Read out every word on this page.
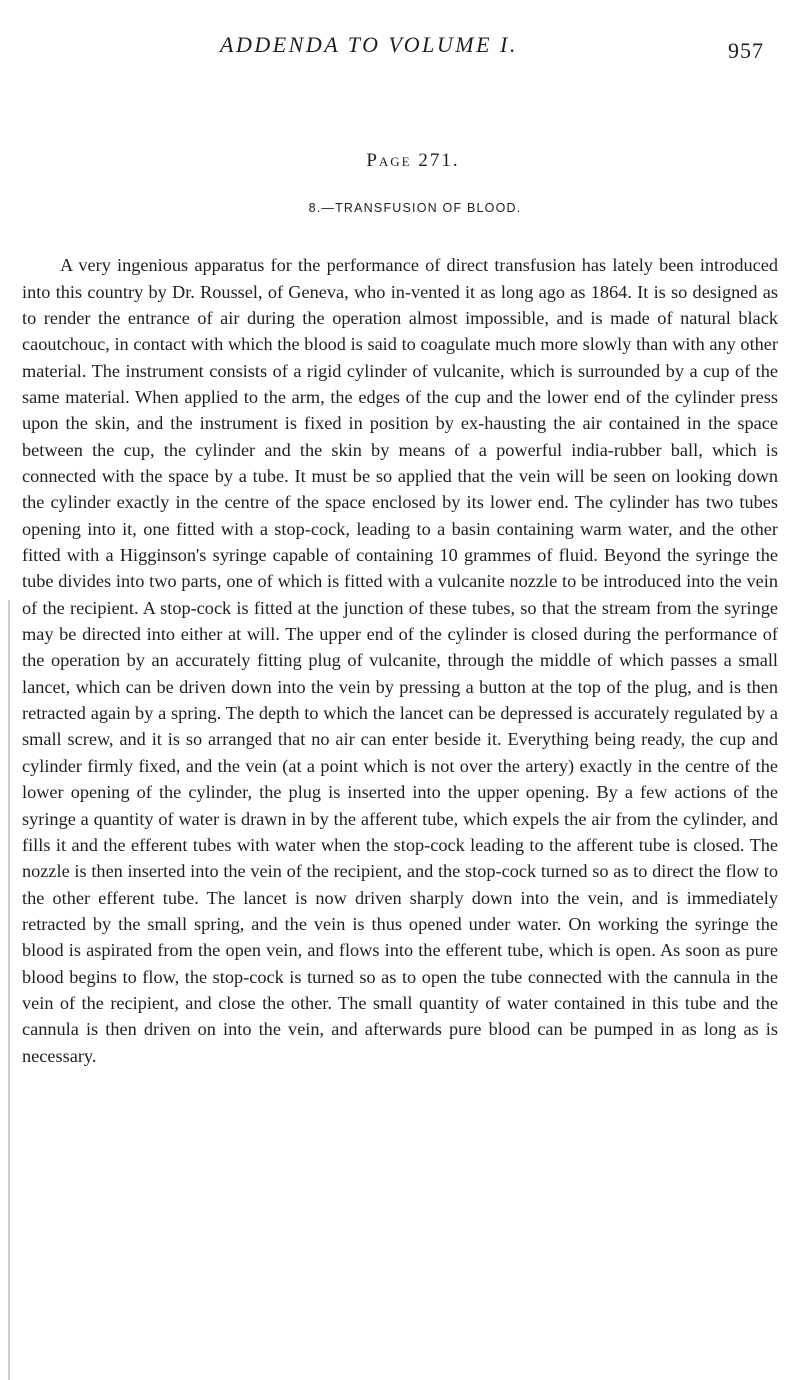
ADDENDA TO VOLUME I.	957
Page 271.
8.—TRANSFUSION OF BLOOD.

A very ingenious apparatus for the performance of direct transfusion has lately been introduced into this country by Dr. Roussel, of Geneva, who in-vented it as long ago as 1864. It is so designed as to render the entrance of air during the operation almost impossible, and is made of natural black caoutchouc, in contact with which the blood is said to coagulate much more slowly than with any other material. The instrument consists of a rigid cylinder of vulcanite, which is surrounded by a cup of the same material. When applied to the arm, the edges of the cup and the lower end of the cylinder press upon the skin, and the instrument is fixed in position by ex-hausting the air contained in the space between the cup, the cylinder and the skin by means of a powerful india-rubber ball, which is connected with the space by a tube. It must be so applied that the vein will be seen on looking down the cylinder exactly in the centre of the space enclosed by its lower end. The cylinder has two tubes opening into it, one fitted with a stop-cock, leading to a basin containing warm water, and the other fitted with a Higginson's syringe capable of containing 10 grammes of fluid. Beyond the syringe the tube divides into two parts, one of which is fitted with a vulcanite nozzle to be introduced into the vein of the recipient. A stop-cock is fitted at the junction of these tubes, so that the stream from the syringe may be directed into either at will. The upper end of the cylinder is closed during the performance of the operation by an accurately fitting plug of vulcanite, through the middle of which passes a small lancet, which can be driven down into the vein by pressing a button at the top of the plug, and is then retracted again by a spring. The depth to which the lancet can be depressed is accurately regulated by a small screw, and it is so arranged that no air can enter beside it. Everything being ready, the cup and cylinder firmly fixed, and the vein (at a point which is not over the artery) exactly in the centre of the lower opening of the cylinder, the plug is inserted into the upper opening. By a few actions of the syringe a quantity of water is drawn in by the afferent tube, which expels the air from the cylinder, and fills it and the efferent tubes with water when the stop-cock leading to the afferent tube is closed. The nozzle is then inserted into the vein of the recipient, and the stop-cock turned so as to direct the flow to the other efferent tube. The lancet is now driven sharply down into the vein, and is immediately retracted by the small spring, and the vein is thus opened under water. On working the syringe the blood is aspirated from the open vein, and flows into the efferent tube, which is open. As soon as pure blood begins to flow, the stop-cock is turned so as to open the tube connected with the cannula in the vein of the recipient, and close the other. The small quantity of water contained in this tube and the cannula is then driven on into the vein, and afterwards pure blood can be pumped in as long as is necessary.
